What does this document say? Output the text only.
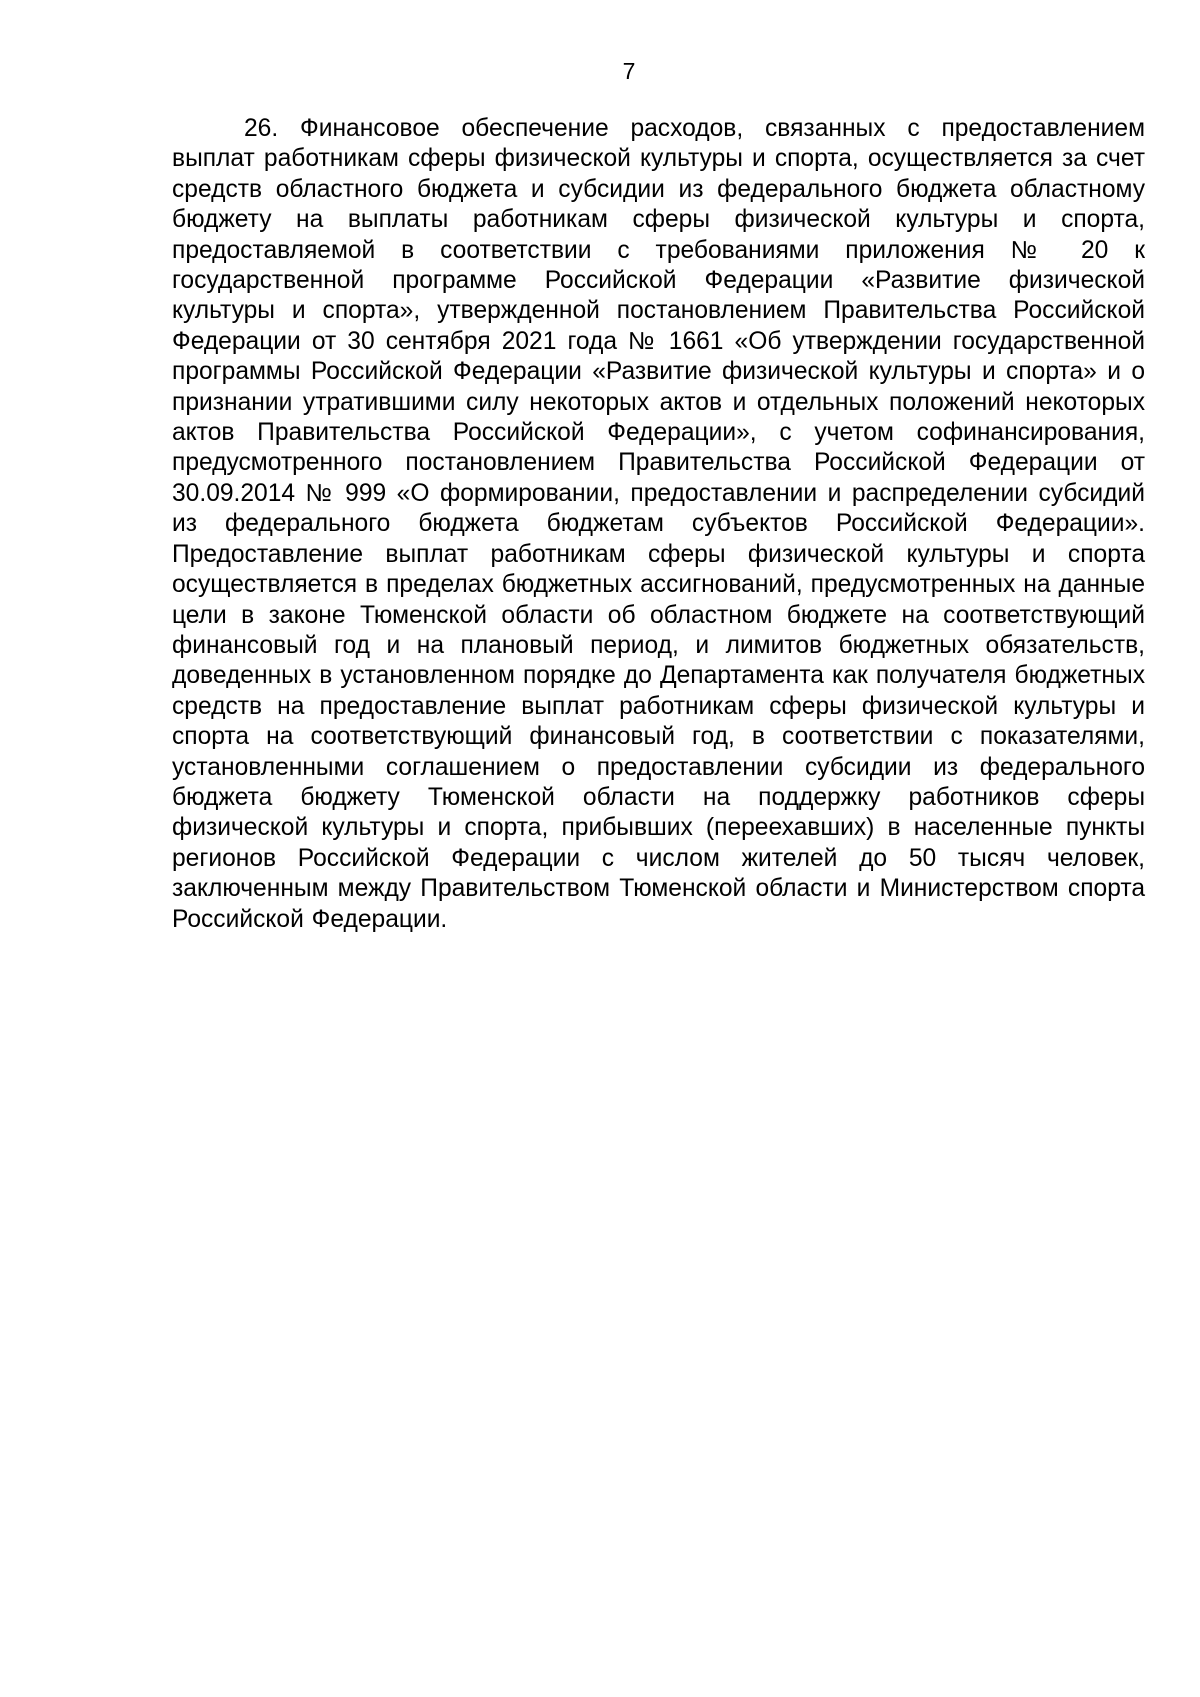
7

26. Финансовое обеспечение расходов, связанных с предоставлением выплат работникам сферы физической культуры и спорта, осуществляется за счет средств областного бюджета и субсидии из федерального бюджета областному бюджету на выплаты работникам сферы физической культуры и спорта, предоставляемой в соответствии с требованиями приложения № 20 к государственной программе Российской Федерации «Развитие физической культуры и спорта», утвержденной постановлением Правительства Российской Федерации от 30 сентября 2021 года № 1661 «Об утверждении государственной программы Российской Федерации «Развитие физической культуры и спорта» и о признании утратившими силу некоторых актов и отдельных положений некоторых актов Правительства Российской Федерации», с учетом софинансирования, предусмотренного постановлением Правительства Российской Федерации от 30.09.2014 № 999 «О формировании, предоставлении и распределении субсидий из федерального бюджета бюджетам субъектов Российской Федерации». Предоставление выплат работникам сферы физической культуры и спорта осуществляется в пределах бюджетных ассигнований, предусмотренных на данные цели в законе Тюменской области об областном бюджете на соответствующий финансовый год и на плановый период, и лимитов бюджетных обязательств, доведенных в установленном порядке до Департамента как получателя бюджетных средств на предоставление выплат работникам сферы физической культуры и спорта на соответствующий финансовый год, в соответствии с показателями, установленными соглашением о предоставлении субсидии из федерального бюджета бюджету Тюменской области на поддержку работников сферы физической культуры и спорта, прибывших (переехавших) в населенные пункты регионов Российской Федерации с числом жителей до 50 тысяч человек, заключенным между Правительством Тюменской области и Министерством спорта Российской Федерации.
